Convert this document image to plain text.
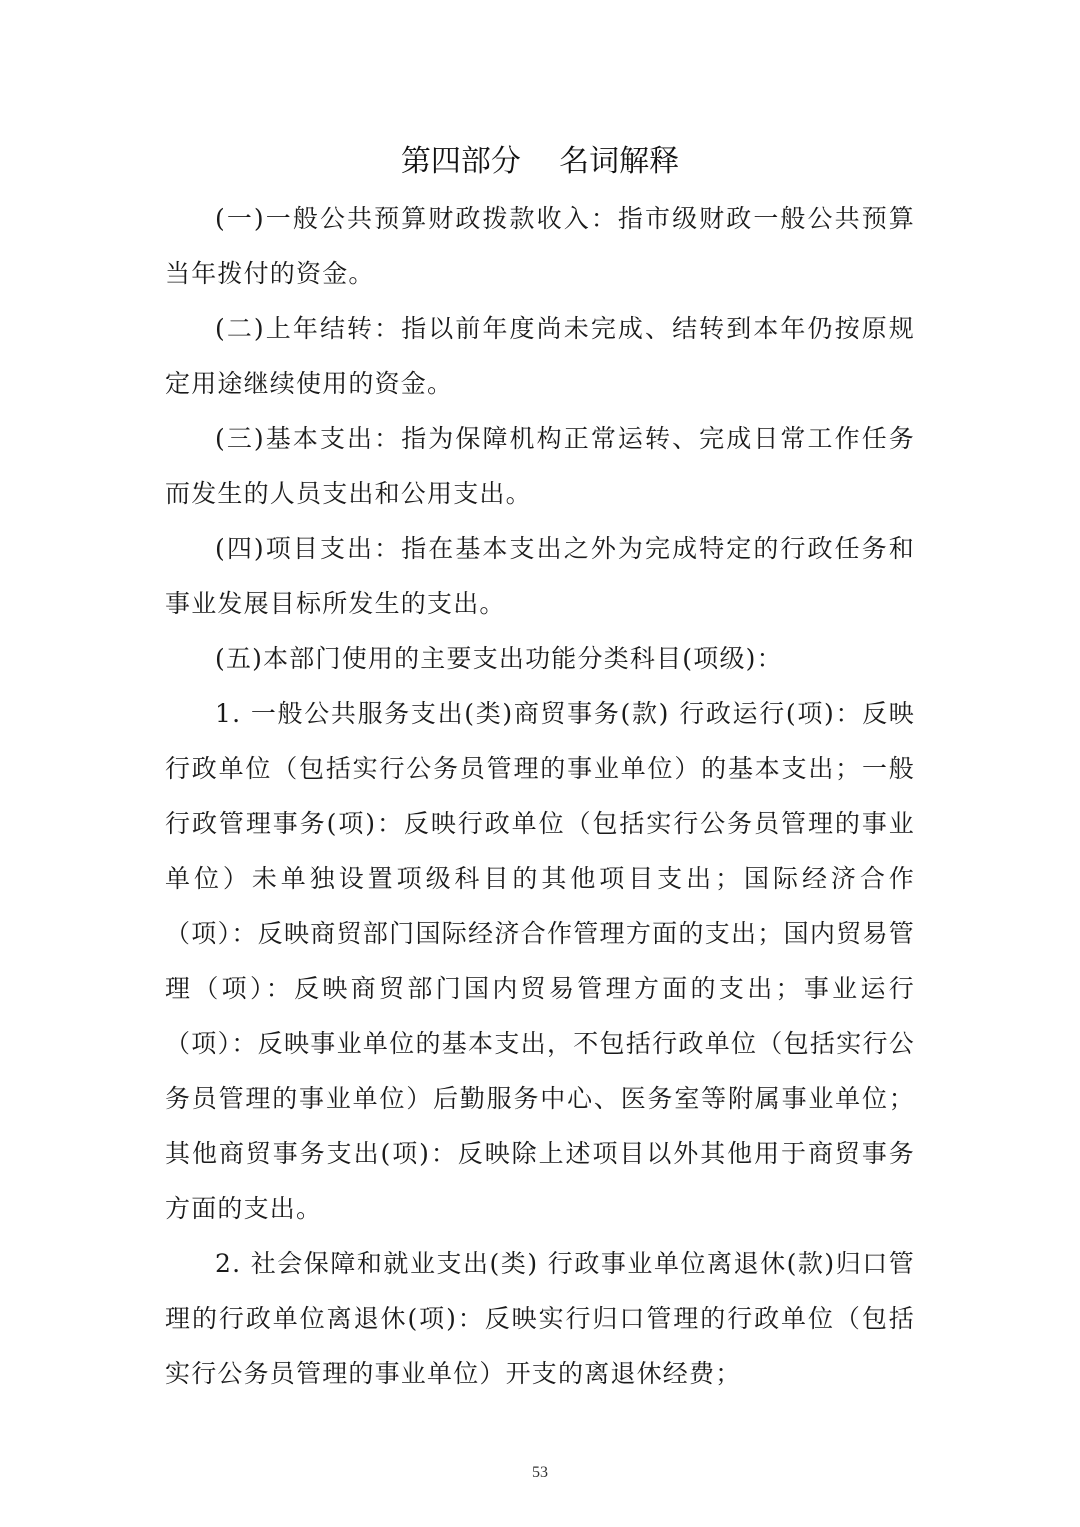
第四部分    名词解释

(一)一般公共预算财政拨款收入：指市级财政一般公共预算当年拨付的资金。

(二)上年结转：指以前年度尚未完成、结转到本年仍按原规定用途继续使用的资金。

(三)基本支出：指为保障机构正常运转、完成日常工作任务而发生的人员支出和公用支出。

(四)项目支出：指在基本支出之外为完成特定的行政任务和事业发展目标所发生的支出。

(五)本部门使用的主要支出功能分类科目(项级)：

1. 一般公共服务支出(类)商贸事务(款) 行政运行(项)：反映行政单位（包括实行公务员管理的事业单位）的基本支出；一般行政管理事务(项)：反映行政单位（包括实行公务员管理的事业单位）未单独设置项级科目的其他项目支出；国际经济合作（项）：反映商贸部门国际经济合作管理方面的支出；国内贸易管理（项）：反映商贸部门国内贸易管理方面的支出；事业运行（项）：反映事业单位的基本支出，不包括行政单位（包括实行公务员管理的事业单位）后勤服务中心、医务室等附属事业单位；其他商贸事务支出(项)：反映除上述项目以外其他用于商贸事务方面的支出。

2. 社会保障和就业支出(类) 行政事业单位离退休(款)归口管理的行政单位离退休(项)：反映实行归口管理的行政单位（包括实行公务员管理的事业单位）开支的离退休经费；

53
